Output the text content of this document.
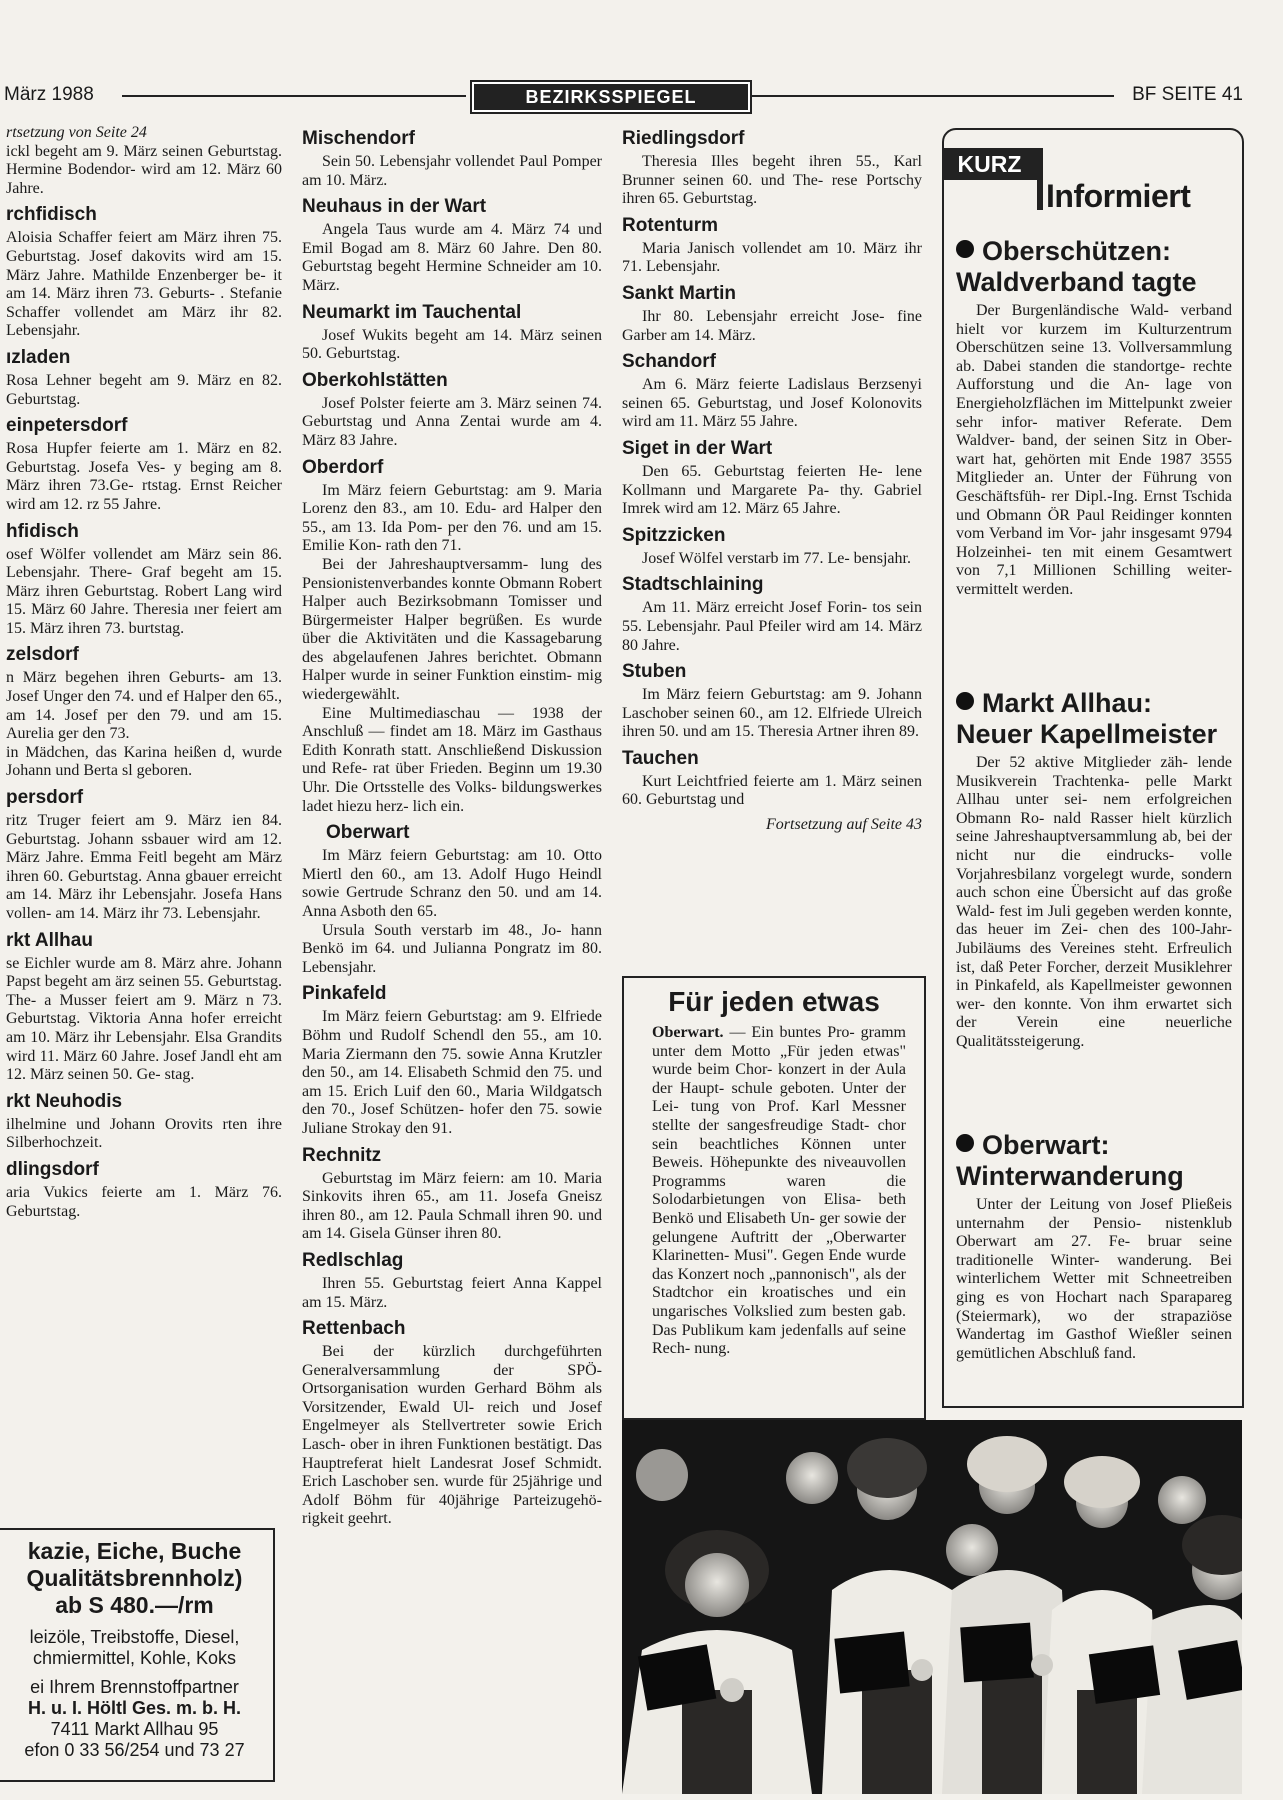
März 1988	BEZIRKSSPIEGEL	BF SEITE 41

rtsetzung von Seite 24

ickl begeht am 9. März seinen Geburtstag. Hermine Bodendor- wird am 12. März 60 Jahre.

rchfidisch

Aloisia Schaffer feiert am März ihren 75. Geburtstag. Josef dakovits wird am 15. März Jahre. Mathilde Enzenberger be- it am 14. März ihren 73. Geburts- . Stefanie Schaffer vollendet am März ihr 82. Lebensjahr.

ızladen

Rosa Lehner begeht am 9. März en 82. Geburtstag.

einpetersdorf

Rosa Hupfer feierte am 1. März en 82. Geburtstag. Josefa Ves- y beging am 8. März ihren 73.Ge- rtstag. Ernst Reicher wird am 12. rz 55 Jahre.

hfidisch

osef Wölfer vollendet am März sein 86. Lebensjahr. There- Graf begeht am 15. März ihren Geburtstag. Robert Lang wird 15. März 60 Jahre. Theresia ıner feiert am 15. März ihren 73. burtstag.

zelsdorf

n März begehen ihren Geburts- am 13. Josef Unger den 74. und ef Halper den 65., am 14. Josef per den 79. und am 15. Aurelia ger den 73.

in Mädchen, das Karina heißen d, wurde Johann und Berta sl geboren.

persdorf

ritz Truger feiert am 9. März ien 84. Geburtstag. Johann ssbauer wird am 12. März Jahre. Emma Feitl begeht am März ihren 60. Geburtstag. Anna gbauer erreicht am 14. März ihr Lebensjahr. Josefa Hans vollen- am 14. März ihr 73. Lebensjahr.

rkt Allhau

se Eichler wurde am 8. März ahre. Johann Papst begeht am ärz seinen 55. Geburtstag. The- a Musser feiert am 9. März n 73. Geburtstag. Viktoria Anna hofer erreicht am 10. März ihr Lebensjahr. Elsa Grandits wird 11. März 60 Jahre. Josef Jandl eht am 12. März seinen 50. Ge- stag.

rkt Neuhodis

ilhelmine und Johann Orovits rten ihre Silberhochzeit.

dlingsdorf

aria Vukics feierte am 1. März 76. Geburtstag.

kazie, Eiche, Buche
Qualitätsbrennholz)
ab S 480.—/rm
leizöle, Treibstoffe, Diesel,
chmiermittel, Kohle, Koks
ei Ihrem Brennstoffpartner
H. u. I. Höltl Ges. m. b. H.
7411 Markt Allhau 95
efon 0 33 56/254 und 73 27
Mischendorf

Sein 50. Lebensjahr vollendet Paul Pomper am 10. März.

Neuhaus in der Wart

Angela Taus wurde am 4. März 74 und Emil Bogad am 8. März 60 Jahre. Den 80. Geburtstag begeht Hermine Schneider am 10. März.

Neumarkt im Tauchental

Josef Wukits begeht am 14. März seinen 50. Geburtstag.

Oberkohlstätten

Josef Polster feierte am 3. März seinen 74. Geburtstag und Anna Zentai wurde am 4. März 83 Jahre.

Oberdorf

Im März feiern Geburtstag: am 9. Maria Lorenz den 83., am 10. Edu- ard Halper den 55., am 13. Ida Pom- per den 76. und am 15. Emilie Kon- rath den 71.

Bei der Jahreshauptversamm- lung des Pensionistenverbandes konnte Obmann Robert Halper auch Bezirksobmann Tomisser und Bürgermeister Halper begrüßen. Es wurde über die Aktivitäten und die Kassagebarung des abgelaufenen Jahres berichtet. Obmann Halper wurde in seiner Funktion einstim- mig wiedergewählt.

Eine Multimediaschau — 1938 der Anschluß — findet am 18. März im Gasthaus Edith Konrath statt. Anschließend Diskussion und Refe- rat über Frieden. Beginn um 19.30 Uhr. Die Ortsstelle des Volks- bildungswerkes ladet hiezu herz- lich ein.

Oberwart

Im März feiern Geburtstag: am 10. Otto Miertl den 60., am 13. Adolf Hugo Heindl sowie Gertrude Schranz den 50. und am 14. Anna Asboth den 65.

Ursula South verstarb im 48., Jo- hann Benkö im 64. und Julianna Pongratz im 80. Lebensjahr.

Pinkafeld

Im März feiern Geburtstag: am 9. Elfriede Böhm und Rudolf Schendl den 55., am 10. Maria Ziermann den 75. sowie Anna Krutzler den 50., am 14. Elisabeth Schmid den 75. und am 15. Erich Luif den 60., Maria Wildgatsch den 70., Josef Schützen- hofer den 75. sowie Juliane Strokay den 91.

Rechnitz

Geburtstag im März feiern: am 10. Maria Sinkovits ihren 65., am 11. Josefa Gneisz ihren 80., am 12. Paula Schmall ihren 90. und am 14. Gisela Günser ihren 80.

Redlschlag

Ihren 55. Geburtstag feiert Anna Kappel am 15. März.

Rettenbach

Bei der kürzlich durchgeführten Generalversammlung der SPÖ- Ortsorganisation wurden Gerhard Böhm als Vorsitzender, Ewald Ul- reich und Josef Engelmeyer als Stellvertreter sowie Erich Lasch- ober in ihren Funktionen bestätigt. Das Hauptreferat hielt Landesrat Josef Schmidt. Erich Laschober sen. wurde für 25jährige und Adolf Böhm für 40jährige Parteizugehö- rigkeit geehrt.

Riedlingsdorf

Theresia Illes begeht ihren 55., Karl Brunner seinen 60. und The- rese Portschy ihren 65. Geburtstag.

Rotenturm

Maria Janisch vollendet am 10. März ihr 71. Lebensjahr.

Sankt Martin

Ihr 80. Lebensjahr erreicht Jose- fine Garber am 14. März.

Schandorf

Am 6. März feierte Ladislaus Berzsenyi seinen 65. Geburtstag, und Josef Kolonovits wird am 11. März 55 Jahre.

Siget in der Wart

Den 65. Geburtstag feierten He- lene Kollmann und Margarete Pa- thy. Gabriel Imrek wird am 12. März 65 Jahre.

Spitzzicken

Josef Wölfel verstarb im 77. Le- bensjahr.

Stadtschlaining

Am 11. März erreicht Josef Forin- tos sein 55. Lebensjahr. Paul Pfeiler wird am 14. März 80 Jahre.

Stuben

Im März feiern Geburtstag: am 9. Johann Laschober seinen 60., am 12. Elfriede Ulreich ihren 50. und am 15. Theresia Artner ihren 89.

Tauchen

Kurt Leichtfried feierte am 1. März seinen 60. Geburtstag und

Fortsetzung auf Seite 43
Für jeden etwas
Oberwart. — Ein buntes Pro- gramm unter dem Motto „Für jeden etwas" wurde beim Chor- konzert in der Aula der Haupt- schule geboten. Unter der Lei- tung von Prof. Karl Messner stellte der sangesfreudige Stadt- chor sein beachtliches Können unter Beweis. Höhepunkte des niveauvollen Programms waren die Solodarbietungen von Elisa- beth Benkö und Elisabeth Un- ger sowie der gelungene Auftritt der „Oberwarter Klarinetten- Musi". Gegen Ende wurde das Konzert noch „pannonisch", als der Stadtchor ein kroatisches und ein ungarisches Volkslied zum besten gab. Das Publikum kam jedenfalls auf seine Rech- nung.
KURZ
Informiert
Oberschützen: Waldverband tagte

Der Burgenländische Wald- verband hielt vor kurzem im Kulturzentrum Oberschützen seine 13. Vollversammlung ab. Dabei standen die standortge- rechte Aufforstung und die An- lage von Energieholzflächen im Mittelpunkt zweier sehr infor- mativer Referate. Dem Waldver- band, der seinen Sitz in Ober- wart hat, gehörten mit Ende 1987 3555 Mitglieder an. Unter der Führung von Geschäftsfüh- rer Dipl.-Ing. Ernst Tschida und Obmann ÖR Paul Reidinger konnten vom Verband im Vor- jahr insgesamt 9794 Holzeinhei- ten mit einem Gesamtwert von 7,1 Millionen Schilling weiter- vermittelt werden.

Markt Allhau: Neuer Kapellmeister

Der 52 aktive Mitglieder zäh- lende Musikverein Trachtenka- pelle Markt Allhau unter sei- nem erfolgreichen Obmann Ro- nald Rasser hielt kürzlich seine Jahreshauptversammlung ab, bei der nicht nur die eindrucks- volle Vorjahresbilanz vorgelegt wurde, sondern auch schon eine Übersicht auf das große Wald- fest im Juli gegeben werden konnte, das heuer im Zei- chen des 100-Jahr-Jubiläums des Vereines steht. Erfreulich ist, daß Peter Forcher, derzeit Musiklehrer in Pinkafeld, als Kapellmeister gewonnen wer- den konnte. Von ihm erwartet sich der Verein eine neuerliche Qualitätssteigerung.

Oberwart: Winterwanderung

Unter der Leitung von Josef Pließeis unternahm der Pensio- nistenklub Oberwart am 27. Fe- bruar seine traditionelle Winter- wanderung. Bei winterlichem Wetter mit Schneetreiben ging es von Hochart nach Sparapareg (Steiermark), wo der strapaziöse Wandertag im Gasthof Wießler seinen gemütlichen Abschluß fand.
